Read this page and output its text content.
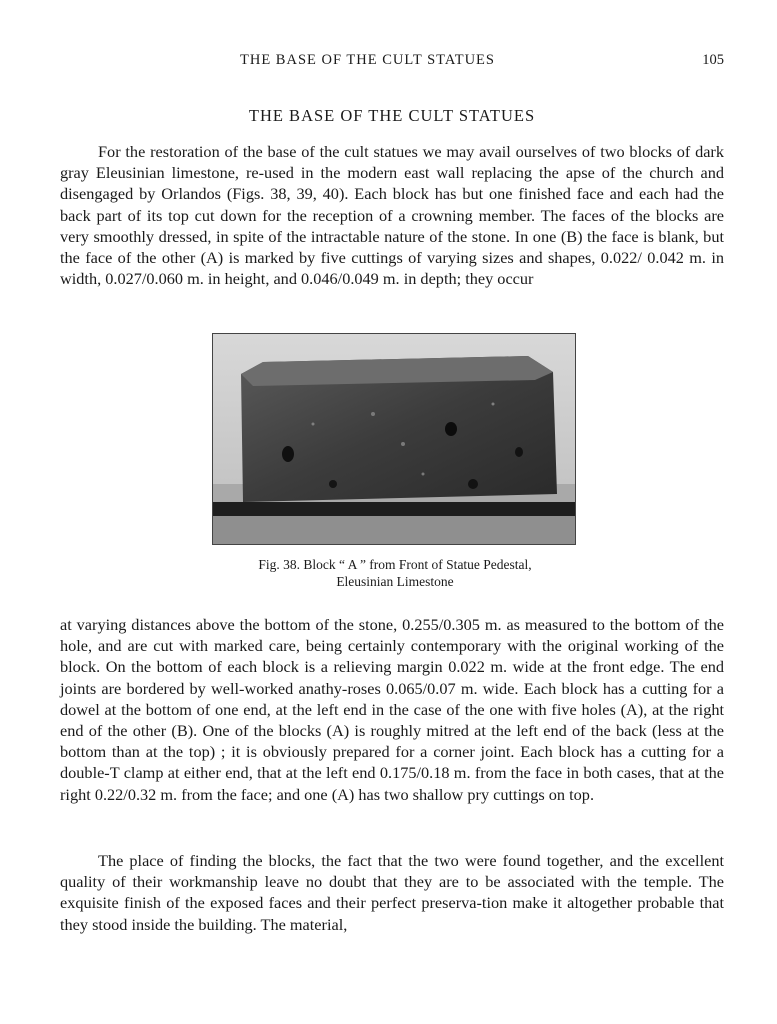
THE BASE OF THE CULT STATUES	105
THE BASE OF THE CULT STATUES

For the restoration of the base of the cult statues we may avail ourselves of two blocks of dark gray Eleusinian limestone, re-used in the modern east wall replacing the apse of the church and disengaged by Orlandos (Figs. 38, 39, 40). Each block has but one finished face and each had the back part of its top cut down for the reception of a crowning member. The faces of the blocks are very smoothly dressed, in spite of the intractable nature of the stone. In one (B) the face is blank, but the face of the other (A) is marked by five cuttings of varying sizes and shapes, 0.022/ 0.042 m. in width, 0.027/0.060 m. in height, and 0.046/0.049 m. in depth; they occur

Fig. 38. Block “ A ” from Front of Statue Pedestal,
Eleusinian Limestone

at varying distances above the bottom of the stone, 0.255/0.305 m. as measured to the bottom of the hole, and are cut with marked care, being certainly contemporary with the original working of the block. On the bottom of each block is a relieving margin 0.022 m. wide at the front edge. The end joints are bordered by well-worked anathy-roses 0.065/0.07 m. wide. Each block has a cutting for a dowel at the bottom of one end, at the left end in the case of the one with five holes (A), at the right end of the other (B). One of the blocks (A) is roughly mitred at the left end of the back (less at the bottom than at the top) ; it is obviously prepared for a corner joint. Each block has a cutting for a double-T clamp at either end, that at the left end 0.175/0.18 m. from the face in both cases, that at the right 0.22/0.32 m. from the face; and one (A) has two shallow pry cuttings on top.

The place of finding the blocks, the fact that the two were found together, and the excellent quality of their workmanship leave no doubt that they are to be associated with the temple. The exquisite finish of the exposed faces and their perfect preserva-tion make it altogether probable that they stood inside the building. The material,
